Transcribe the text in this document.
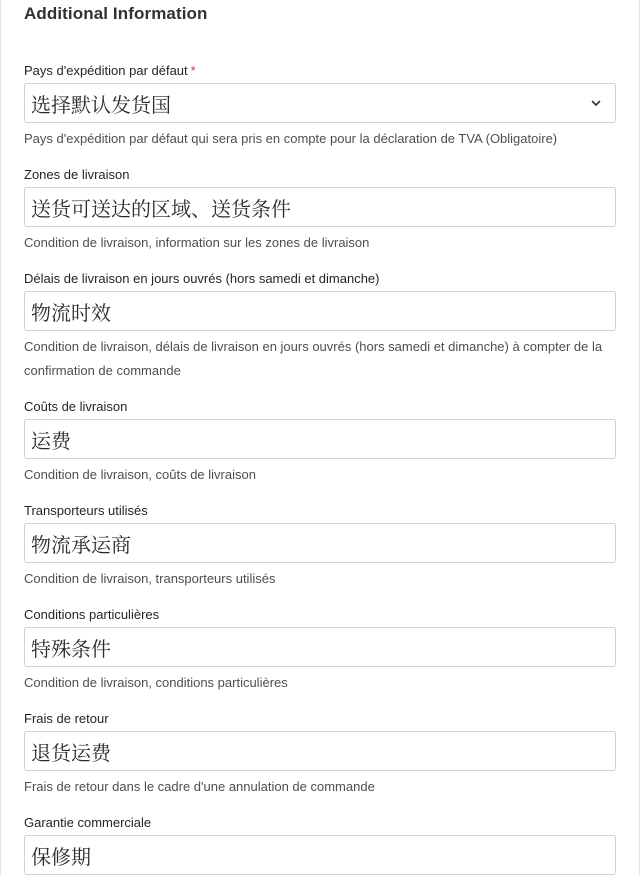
Additional Information
Pays d'expédition par défaut *
选择默认发货国
Pays d'expédition par défaut qui sera pris en compte pour la déclaration de TVA (Obligatoire)
Zones de livraison
送货可送达的区域、送货条件
Condition de livraison, information sur les zones de livraison
Délais de livraison en jours ouvrés (hors samedi et dimanche)
物流时效
Condition de livraison, délais de livraison en jours ouvrés (hors samedi et dimanche) à compter de la confirmation de commande
Coûts de livraison
运费
Condition de livraison, coûts de livraison
Transporteurs utilisés
物流承运商
Condition de livraison, transporteurs utilisés
Conditions particulières
特殊条件
Condition de livraison, conditions particulières
Frais de retour
退货运费
Frais de retour dans le cadre d'une annulation de commande
Garantie commerciale
保修期
